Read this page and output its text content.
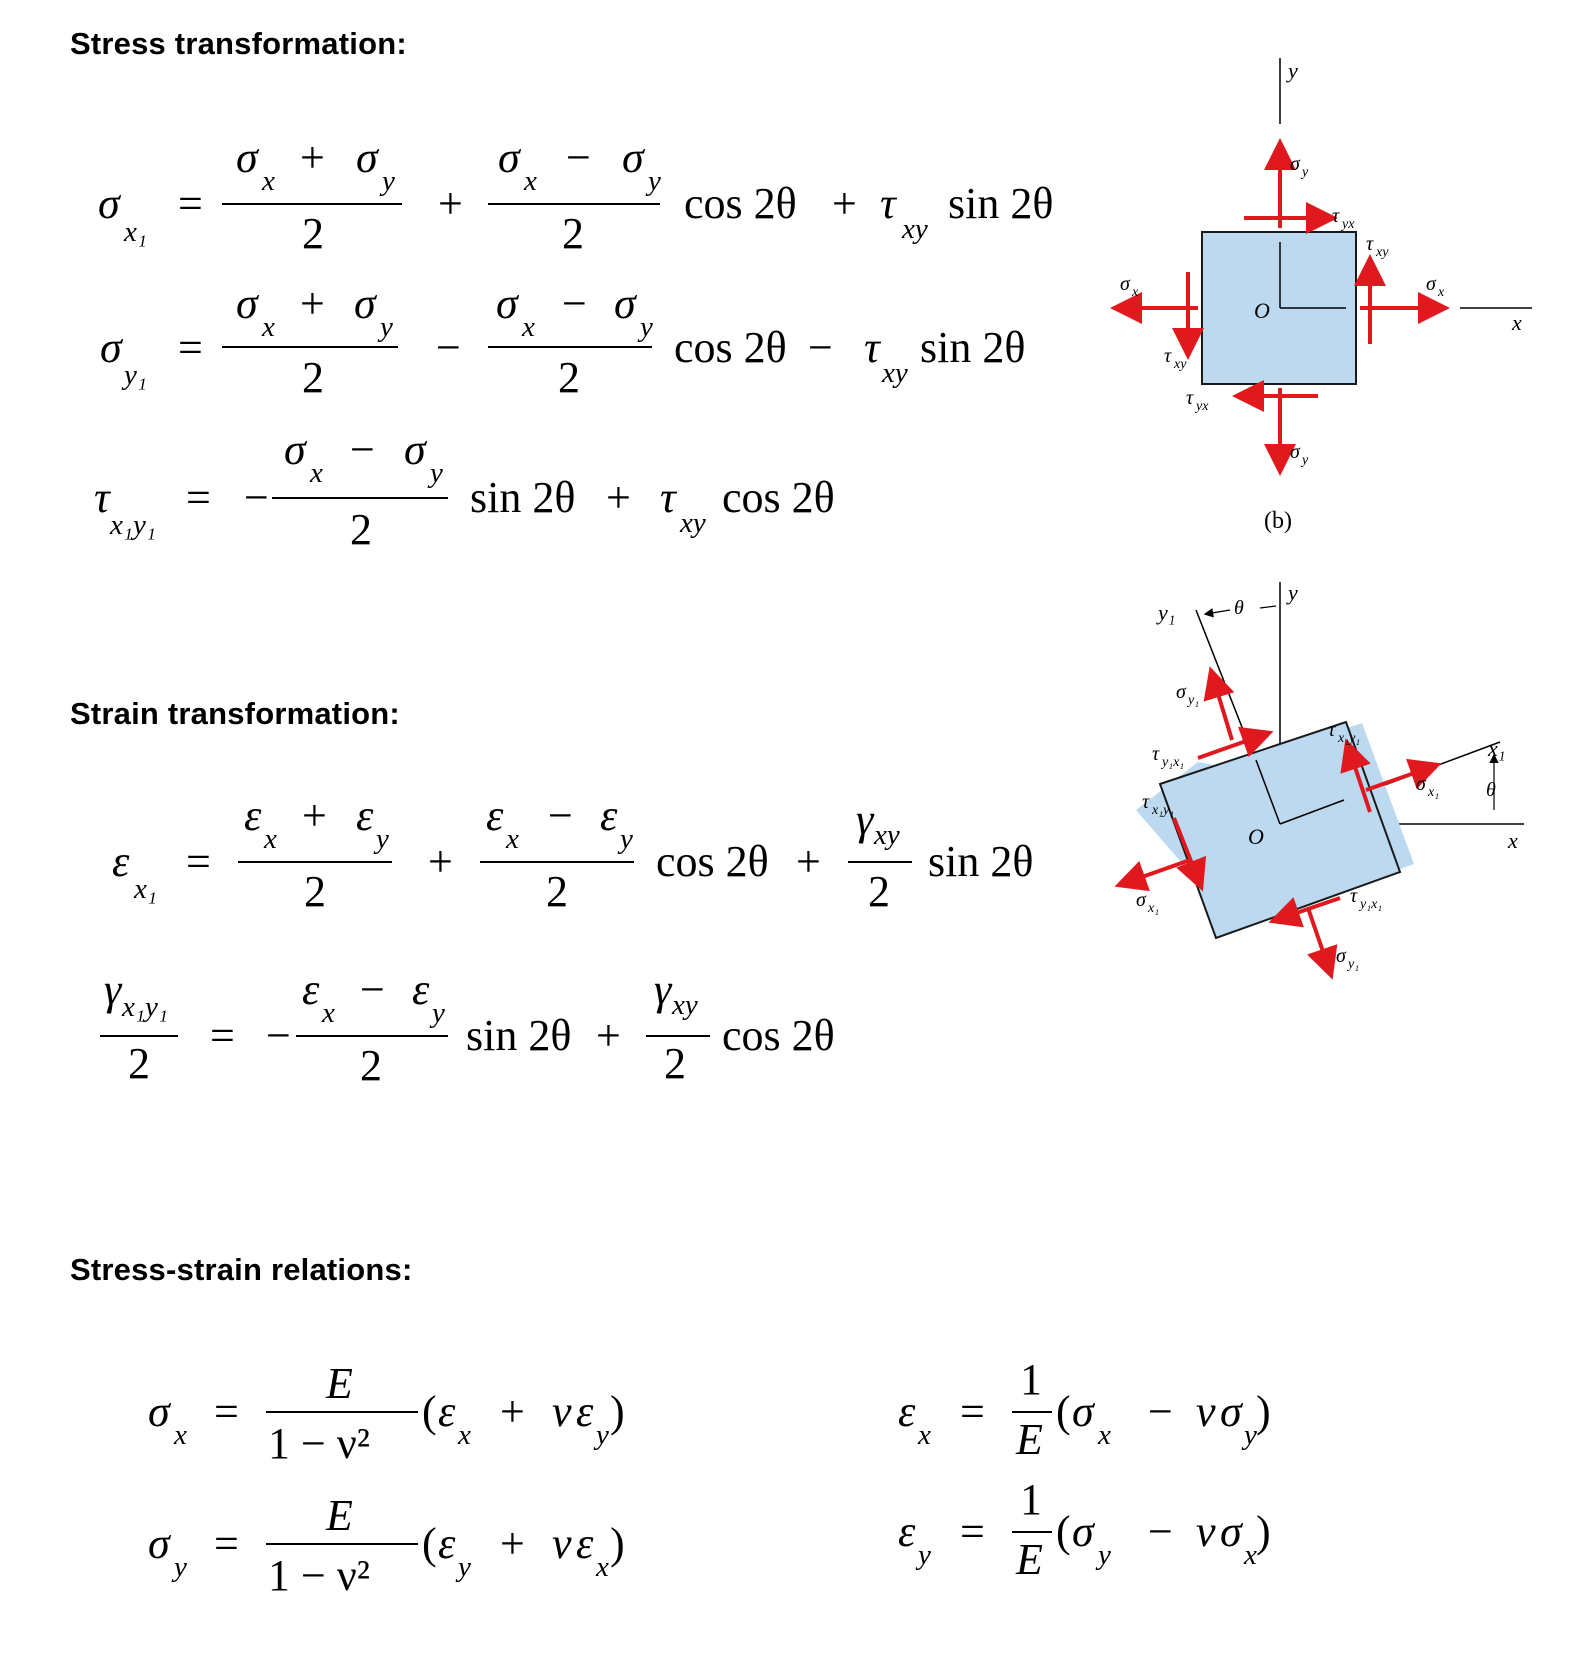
Stress transformation:
Strain transformation:
Stress-strain relations:
σ
x₁
=
σ x + σ y
2
+
σ x − σ y
2
cos 2θ + τ
xy
sin 2θ
σ
y₁
=
σ x + σ y
2
−
σ x − σ y
2
cos 2θ − τ
xy
sin 2θ
τ
x₁y₁
= −
σ x − σ y
2
sin 2θ + τ
xy
cos 2θ
ε
x₁
=
ε x + ε y
2
+
ε x − ε y
2
cos 2θ +
γ xy
2
sin 2θ
γ x₁y₁
2
= −
ε x − ε y
2
sin 2θ +
γ xy
2
cos 2θ
σ x =
E
1 − ν²
( ε x + ν ε y )
σ y =
E
1 − ν²
( ε y + ν ε x )
ε x =
1
E
( σ x − ν σ y )
ε y =
1
E
( σ y − ν σ x )
y
x
O
σ y
σ y
σ x	σ x
τ yx
τ yx
τ xy
τ xy
(b)
y
x
y₁
x₁
θ
θ
O
σ y₁
σ y₁
σ x₁
σ x₁
τ y₁x₁
τ y₁x₁
τ x₁y₁
τ x₁y₁
